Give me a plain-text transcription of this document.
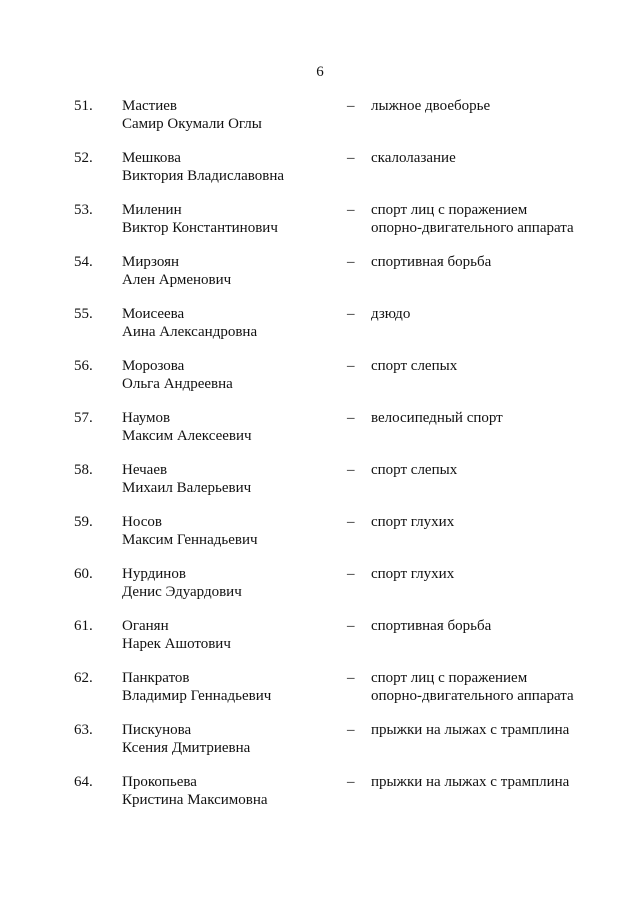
6
51. Мастиев
Самир Окумали Оглы
– лыжное двоеборье
52. Мешкова
Виктория Владиславовна
– скалолазание
53. Миленин
Виктор Константинович
– спорт лиц с поражением
опорно-двигательного аппарата
54. Мирзоян
Ален Арменович
– спортивная борьба
55. Моисеева
Аина Александровна
– дзюдо
56. Морозова
Ольга Андреевна
– спорт слепых
57. Наумов
Максим Алексеевич
– велосипедный спорт
58. Нечаев
Михаил Валерьевич
– спорт слепых
59. Носов
Максим Геннадьевич
– спорт глухих
60. Нурдинов
Денис Эдуардович
– спорт глухих
61. Оганян
Нарек Ашотович
– спортивная борьба
62. Панкратов
Владимир Геннадьевич
– спорт лиц с поражением
опорно-двигательного аппарата
63. Пискунова
Ксения Дмитриевна
– прыжки на лыжах с трамплина
64. Прокопьева
Кристина Максимовна
– прыжки на лыжах с трамплина
